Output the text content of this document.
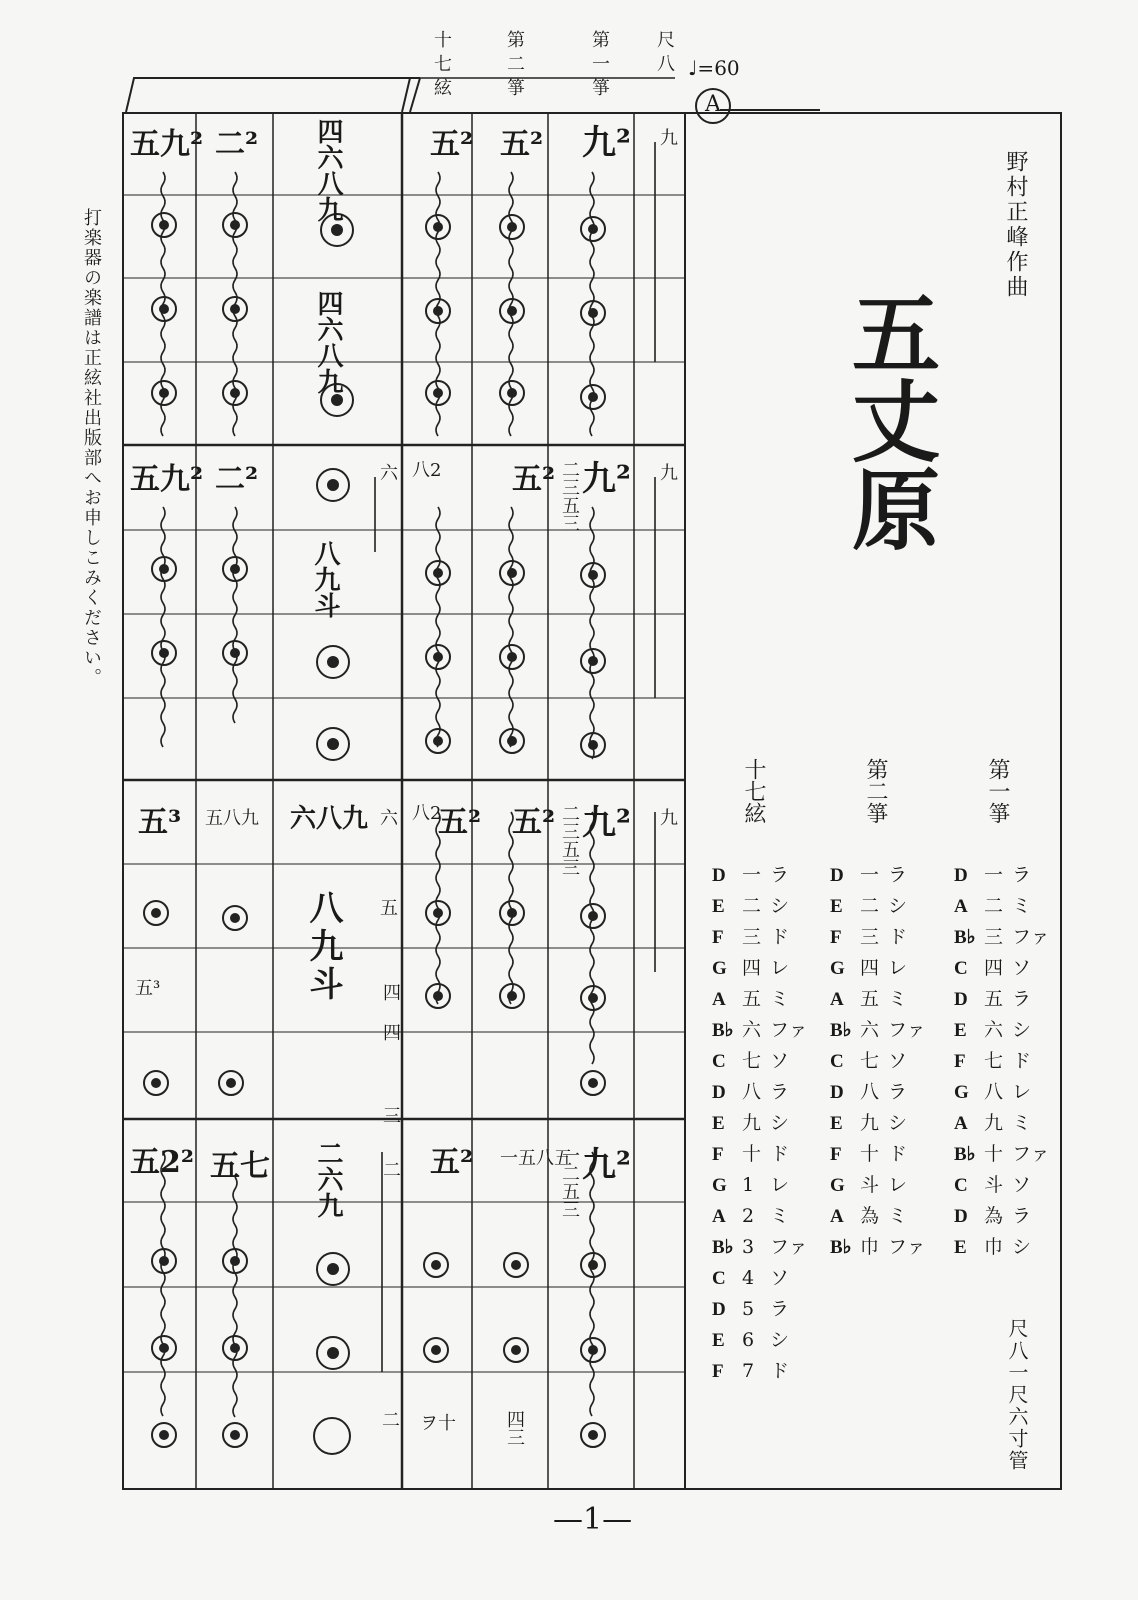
打楽器の楽譜は正絃社出版部へお申しこみください。
十七絃	第二箏	第一箏 尺八 ♩=60
A
五九² 二² 四六八九	五² 五² 九² 九
四六八九
五九² 二²	六 八2 五² 二三五三 九² 九
八九斗
五³ 五八九 六八九 六 八2
五² 五² 二三五三 九² 九
八九斗 五
四
四
三
五³
五2² 五七 二六九 二 五² 一五八五
一二五三 九²
二 ヲ十	四三
野村正峰作曲
五丈原
十七絃	第二箏	第一箏
D 一 ラ
E 二 シ
F 三 ド
G 四 レ
A 五 ミ
B♭ 六 ファ
C 七 ソ
D 八 ラ
E 九 シ
F 十 ド
G 1 レ
A 2 ミ
B♭ 3 ファ
C 4 ソ
D 5 ラ
E 6 シ
F 7 ド
D 一 ラ
E 二 シ
F 三 ド
G 四 レ
A 五 ミ
B♭ 六 ファ
C 七 ソ
D 八 ラ
E 九 シ
F 十 ド
G 斗 レ
A 為 ミ
B♭ 巾 ファ
D 一 ラ
A 二 ミ
B♭ 三 ファ
C 四 ソ
D 五 ラ
E 六 シ
F 七 ド
G 八 レ
A 九 ミ
B♭ 十 ファ
C 斗 ソ
D 為 ラ
E 巾 シ
尺八一尺六寸管
—1—
